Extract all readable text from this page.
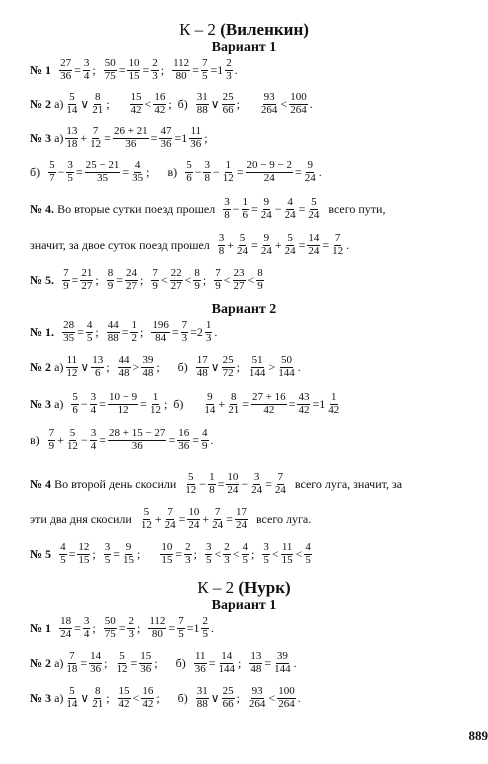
К – 2 (Виленкин)
Вариант 1
№ $1 \frac{27}{36} = \frac{3}{4}$ ; $\frac{50}{75} = \frac{10}{15} = \frac{2}{3}$ ; $\frac{112}{80} = \frac{7}{5} =1 \frac{2}{3}$ .
№ 2
$а) \frac{5}{14}$ ∨ $\frac{8}{21}$ ; $\frac{15}{42} < \frac{16}{42}$ ; $б) \frac{31}{88}$ ∨ $\frac{25}{66}$ ; $\frac{93}{264} < \frac{100}{264}$ .
№ 3
$а) \frac{13}{18} + \frac{7}{12} = \frac{26 + 21}{36} = \frac{47}{36} =1 \frac{11}{36}$ ;
$б) \frac{5}{7} - \frac{3}{5} = \frac{25 - 21}{35} = \frac{4}{35}$ ; $в) \frac{5}{6} - \frac{3}{8} - \frac{1}{12} = \frac{20 - 9 - 2}{24} = \frac{9}{24}$ .
№ 4.
Во вторые сутки поезд прошел $\frac{3}{8} - \frac{1}{6} = \frac{9}{24} - \frac{4}{24} = \frac{5}{24}$ всего пути,
значит, за двое суток поезд прошел $\frac{3}{8} + \frac{5}{24} = \frac{9}{24} + \frac{5}{24} = \frac{14}{24} = \frac{7}{12}$ .
№ 5. $\frac{7}{9} = \frac{21}{27}$ ; $\frac{8}{9} = \frac{24}{27}$ ; $\frac{7}{9} < \frac{22}{27} < \frac{8}{9}$ ; $\frac{7}{9} < \frac{23}{27} < \frac{8}{9}$
Вариант 2
№ 1. $\frac{28}{35} = \frac{4}{5}$ ; $\frac{44}{88} = \frac{1}{2}$ ; $\frac{196}{84} = \frac{7}{3} =2 \frac{1}{3}$ .
№ 2
$а) \frac{11}{12}$ ∨ $\frac{13}{6}$ ; $\frac{44}{48} > \frac{39}{48}$ ; $б) \frac{17}{48}$ ∨ $\frac{25}{72}$ ; $\frac{51}{144} > \frac{50}{144}$ .
№ 3
$а) \frac{5}{6} - \frac{3}{4} = \frac{10 - 9}{12} = \frac{1}{12}$ ; $б) \frac{9}{14} + \frac{8}{21} = \frac{27 + 16}{42} = \frac{43}{42} =1 \frac{1}{42}$
$в) \frac{7}{9} + \frac{5}{12} - \frac{3}{4} = \frac{28 + 15 - 27}{36} = \frac{16}{36} = \frac{4}{9}$ .
№ 4
Во второй день скосили $\frac{5}{12} - \frac{1}{8} = \frac{10}{24} - \frac{3}{24} = \frac{7}{24}$ всего луга, значит, за
эти два дня скосили $\frac{5}{12} + \frac{7}{24} = \frac{10}{24} + \frac{7}{24} = \frac{17}{24}$ всего луга.
№ $5 \frac{4}{5} = \frac{12}{15}$ ; $\frac{3}{5} = \frac{9}{15}$ ; $\frac{10}{15} = \frac{2}{3}$ ; $\frac{3}{5} < \frac{2}{3} < \frac{4}{5}$ ; $\frac{3}{5} < \frac{11}{15} < \frac{4}{5}$
К – 2 (Нурк)
Вариант 1
№ $1 \frac{18}{24} = \frac{3}{4}$ ; $\frac{50}{75} = \frac{2}{3}$ ; $\frac{112}{80} = \frac{7}{5} =1 \frac{2}{5}$ .
№ 2
$а) \frac{7}{18} = \frac{14}{36}$ ; $\frac{5}{12} = \frac{15}{36}$ ; $б) \frac{11}{36} = \frac{14}{144}$ ; $\frac{13}{48} = \frac{39}{144}$ .
№ 3
$а) \frac{5}{14}$ ∨ $\frac{8}{21}$ ; $\frac{15}{42} < \frac{16}{42}$ ; $б) \frac{31}{88}$ ∨ $\frac{25}{66}$ ; $\frac{93}{264} < \frac{100}{264}$ .
889
